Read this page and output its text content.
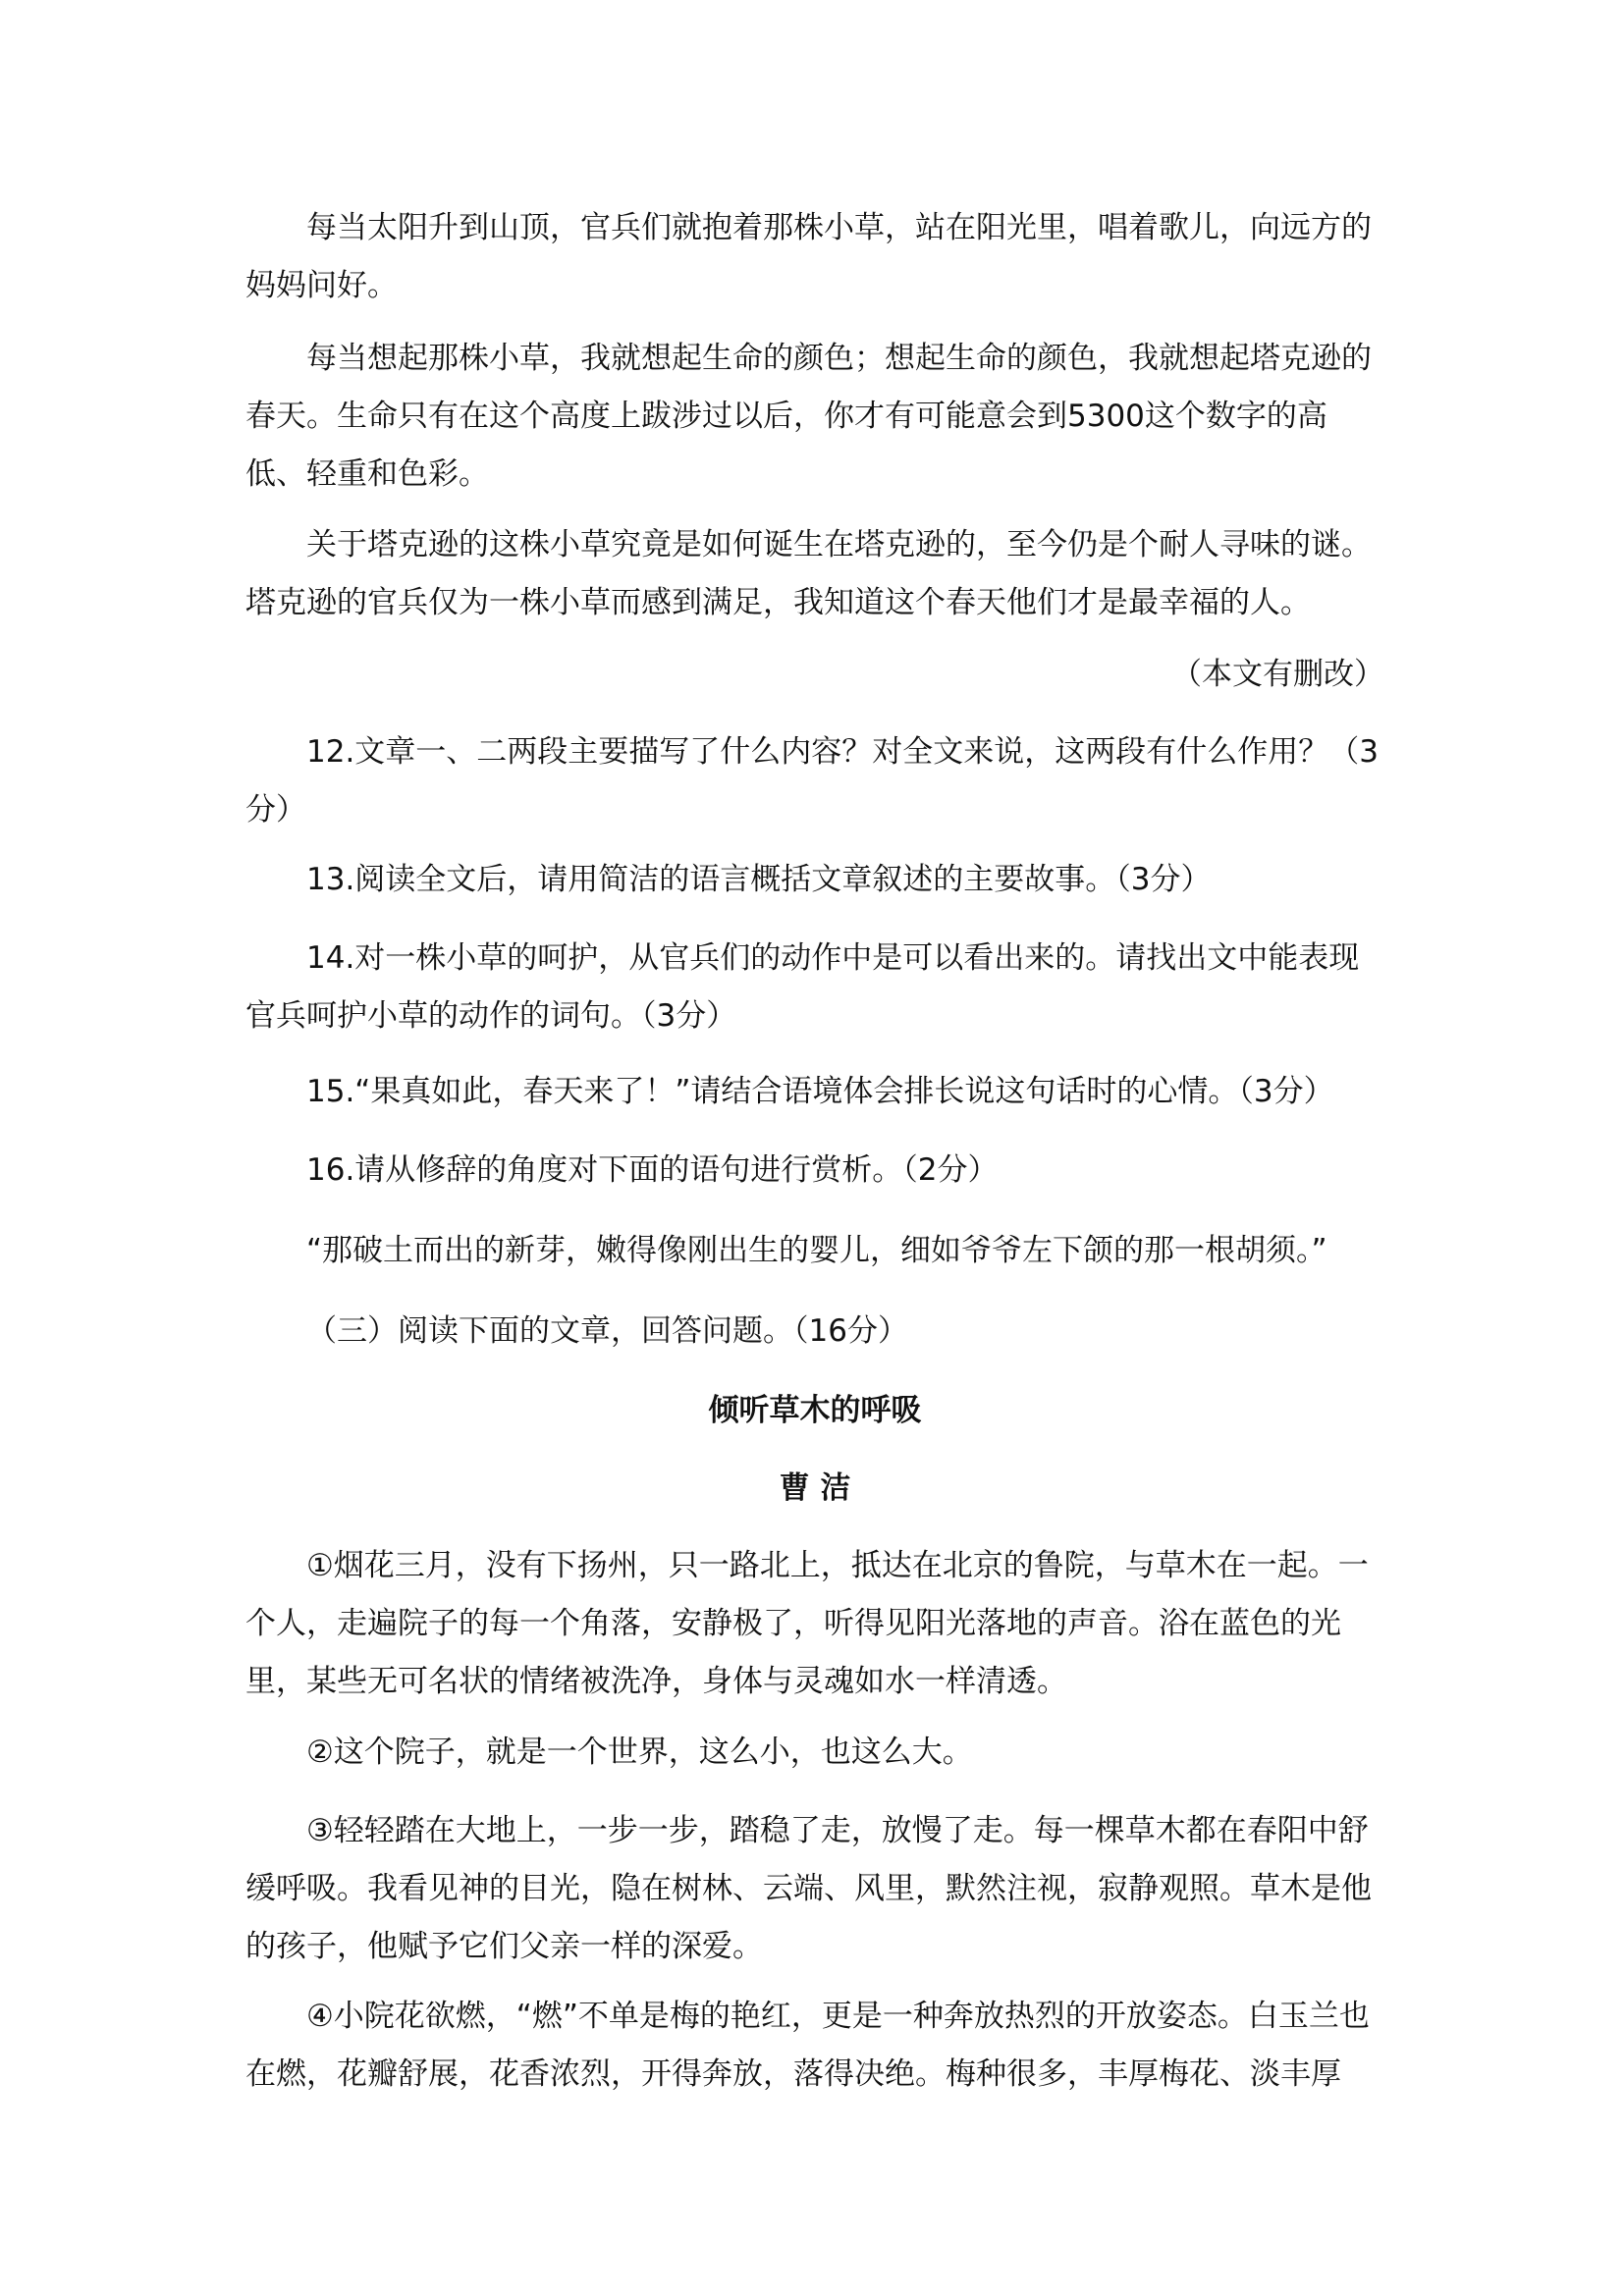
每当太阳升到山顶，官兵们就抱着那株小草，站在阳光里，唱着歌儿，向远方的妈妈问好。

每当想起那株小草，我就想起生命的颜色；想起生命的颜色，我就想起塔克逊的春天。生命只有在这个高度上跋涉过以后，你才有可能意会到5300这个数字的高低、轻重和色彩。

关于塔克逊的这株小草究竟是如何诞生在塔克逊的，至今仍是个耐人寻味的谜。塔克逊的官兵仅为一株小草而感到满足，我知道这个春天他们才是最幸福的人。

（本文有删改）

12.文章一、二两段主要描写了什么内容？对全文来说，这两段有什么作用？（3分）

13.阅读全文后，请用简洁的语言概括文章叙述的主要故事。（3分）

14.对一株小草的呵护，从官兵们的动作中是可以看出来的。请找出文中能表现官兵呵护小草的动作的词句。（3分）

15.“果真如此，春天来了！”请结合语境体会排长说这句话时的心情。（3分）

16.请从修辞的角度对下面的语句进行赏析。（2分）

“那破土而出的新芽，嫩得像刚出生的婴儿，细如爷爷左下颌的那一根胡须。”

（三）阅读下面的文章，回答问题。（16分）

倾听草木的呼吸

曹 洁

①烟花三月，没有下扬州，只一路北上，抵达在北京的鲁院，与草木在一起。一个人，走遍院子的每一个角落，安静极了，听得见阳光落地的声音。浴在蓝色的光里，某些无可名状的情绪被洗净，身体与灵魂如水一样清透。

②这个院子，就是一个世界，这么小，也这么大。

③轻轻踏在大地上，一步一步，踏稳了走，放慢了走。每一棵草木都在春阳中舒缓呼吸。我看见神的目光，隐在树林、云端、风里，默然注视，寂静观照。草木是他的孩子，他赋予它们父亲一样的深爱。

④小院花欲燃，“燃”不单是梅的艳红，更是一种奔放热烈的开放姿态。白玉兰也在燃，花瓣舒展，花香浓烈，开得奔放，落得决绝。梅种很多，丰厚梅花、淡丰厚
